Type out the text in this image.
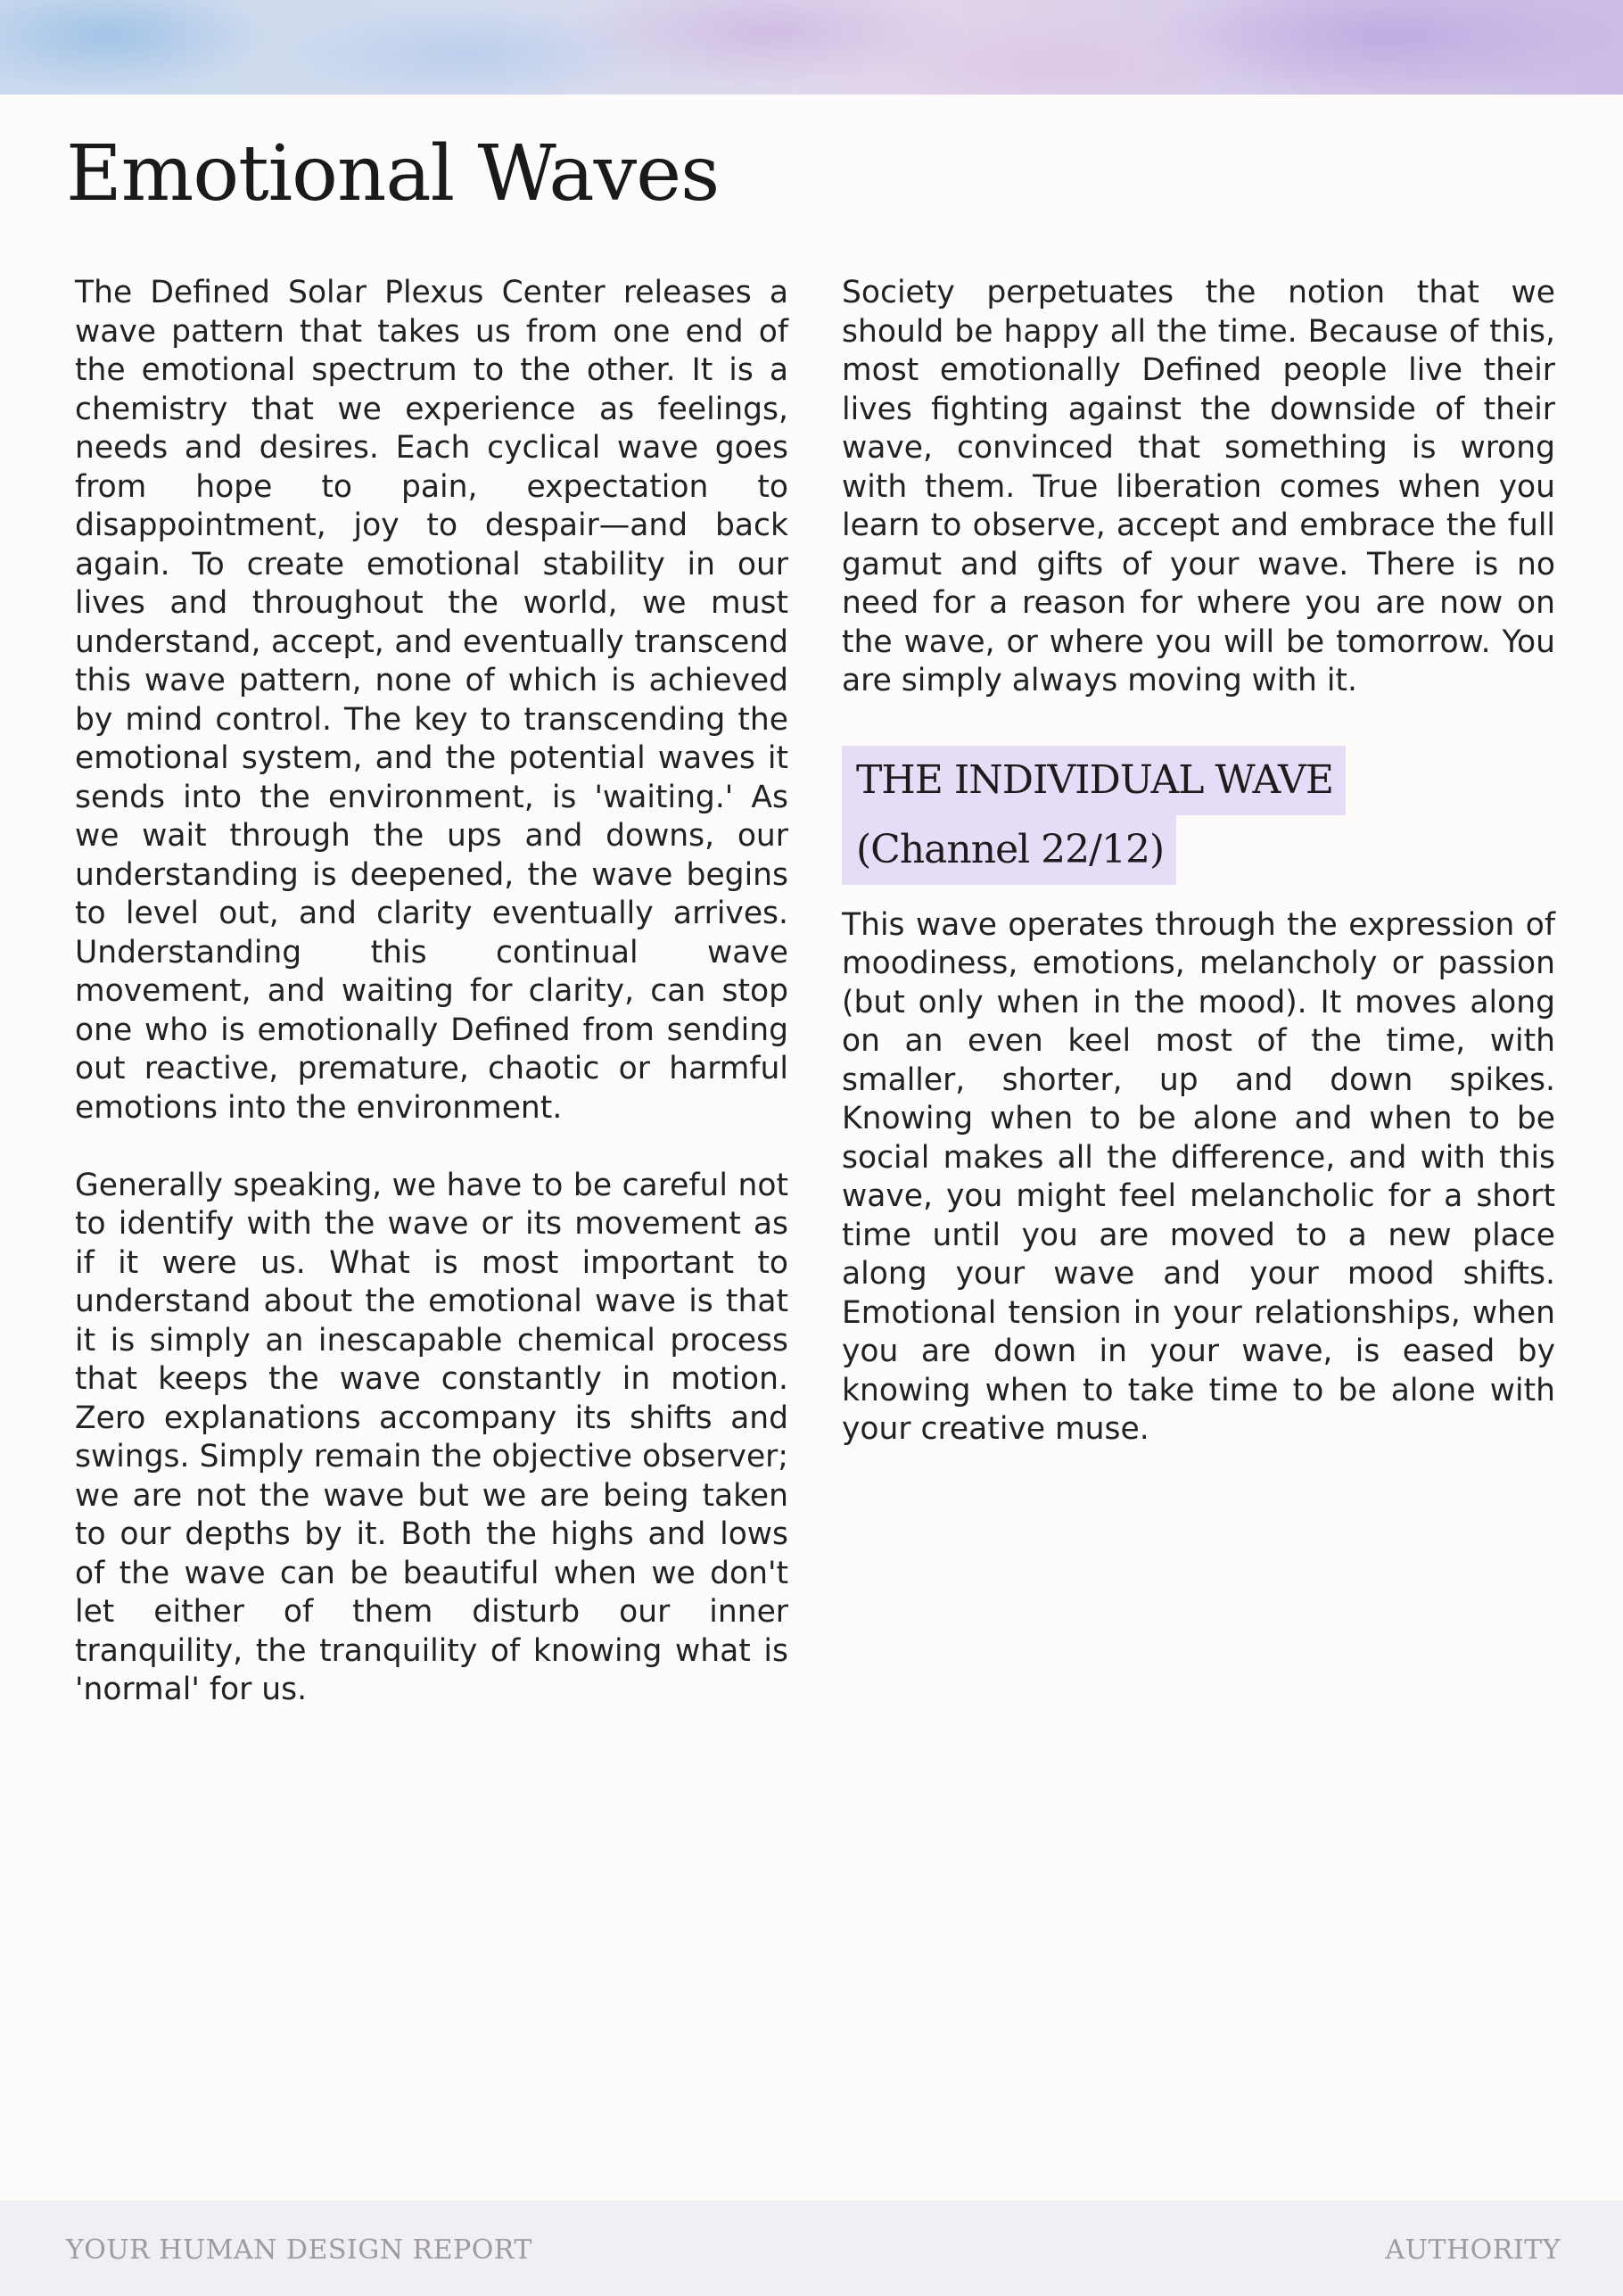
Emotional Waves

The Defined Solar Plexus Center releases a wave pattern that takes us from one end of the emotional spectrum to the other. It is a chemistry that we experience as feelings, needs and desires. Each cyclical wave goes from hope to pain, expectation to disappointment, joy to despair—and back again. To create emotional stability in our lives and throughout the world, we must understand, accept, and eventually transcend this wave pattern, none of which is achieved by mind control. The key to transcending the emotional system, and the potential waves it sends into the environment, is 'waiting.' As we wait through the ups and downs, our understanding is deepened, the wave begins to level out, and clarity eventually arrives. Understanding this continual wave movement, and waiting for clarity, can stop one who is emotionally Defined from sending out reactive, premature, chaotic or harmful emotions into the environment.

Generally speaking, we have to be careful not to identify with the wave or its movement as if it were us. What is most important to understand about the emotional wave is that it is simply an inescapable chemical process that keeps the wave constantly in motion. Zero explanations accompany its shifts and swings. Simply remain the objective observer; we are not the wave but we are being taken to our depths by it. Both the highs and lows of the wave can be beautiful when we don't let either of them disturb our inner tranquility, the tranquility of knowing what is 'normal' for us.

Society perpetuates the notion that we should be happy all the time. Because of this, most emotionally Defined people live their lives fighting against the downside of their wave, convinced that something is wrong with them. True liberation comes when you learn to observe, accept and embrace the full gamut and gifts of your wave. There is no need for a reason for where you are now on the wave, or where you will be tomorrow. You are simply always moving with it.

THE INDIVIDUAL WAVE
(Channel 22/12)

This wave operates through the expression of moodiness, emotions, melancholy or passion (but only when in the mood). It moves along on an even keel most of the time, with smaller, shorter, up and down spikes. Knowing when to be alone and when to be social makes all the difference, and with this wave, you might feel melancholic for a short time until you are moved to a new place along your wave and your mood shifts. Emotional tension in your relationships, when you are down in your wave, is eased by knowing when to take time to be alone with your creative muse.

YOUR HUMAN DESIGN REPORT	AUTHORITY
